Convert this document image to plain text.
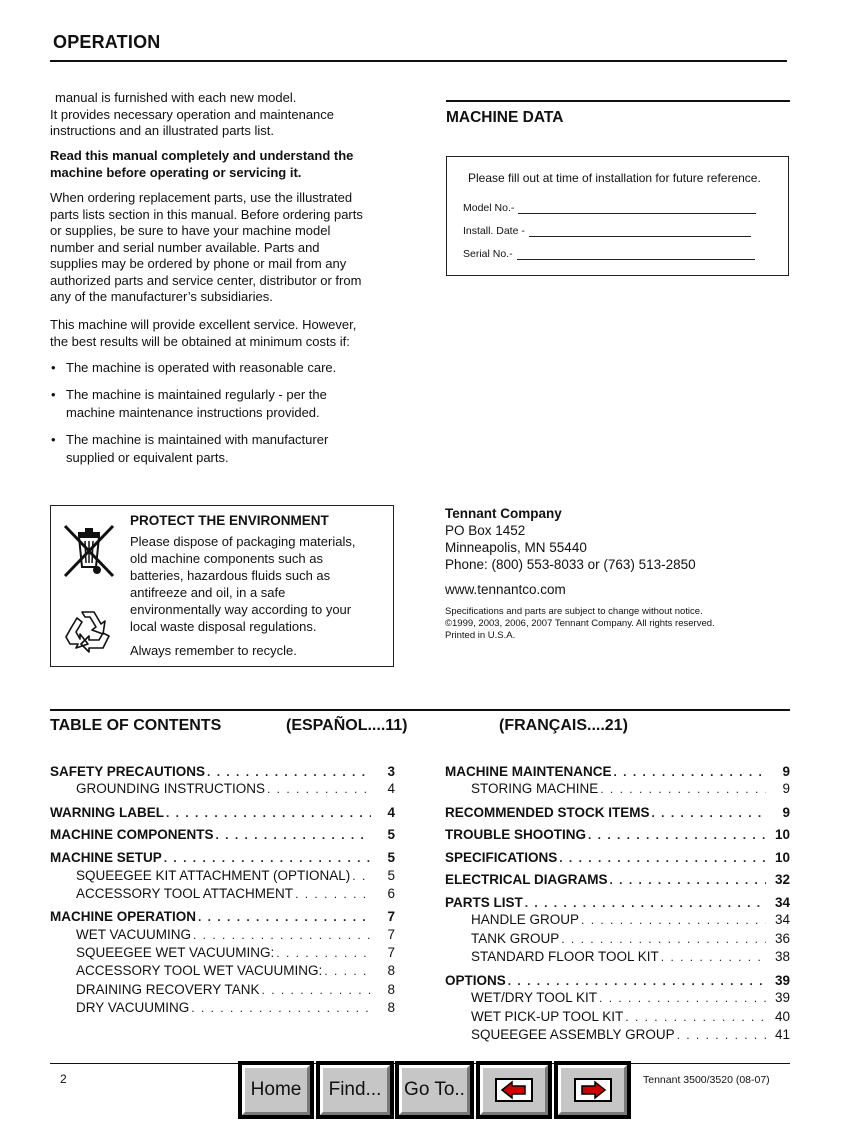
OPERATION
manual is furnished with each new model.
It provides necessary operation and maintenance
instructions and an illustrated parts list.
Read this manual completely and understand the
machine before operating or servicing it.
When ordering replacement parts, use the illustrated
parts lists section in this manual. Before ordering parts
or supplies, be sure to have your machine model
number and serial number available. Parts and
supplies may be ordered by phone or mail from any
authorized parts and service center, distributor or from
any of the manufacturer’s subsidiaries.
This machine will provide excellent service. However,
the best results will be obtained at minimum costs if:
• The machine is operated with reasonable care.
• The machine is maintained regularly - per the
machine maintenance instructions provided.
• The machine is maintained with manufacturer
supplied or equivalent parts.
MACHINE DATA
Please fill out at time of installation for future reference.
Model No.-
Install. Date -
Serial No.-
PROTECT THE ENVIRONMENT
Please dispose of packaging materials,
old machine components such as
batteries, hazardous fluids such as
antifreeze and oil, in a safe
environmentally way according to your
local waste disposal regulations.
Always remember to recycle.
Tennant Company
PO Box 1452
Minneapolis, MN 55440
Phone: (800) 553-8033 or (763) 513-2850
www.tennantco.com
Specifications and parts are subject to change without notice.
©1999, 2003, 2006, 2007 Tennant Company. All rights reserved.
Printed in U.S.A.
TABLE OF CONTENTS	(ESPAÑOL....11)	(FRANÇAIS....21)
SAFETY PRECAUTIONS . . .	3
GROUNDING INSTRUCTIONS . . .	4
WARNING LABEL . . .	4
MACHINE COMPONENTS . . .	5
MACHINE SETUP . . .	5
SQUEEGEE KIT ATTACHMENT (OPTIONAL) . . .	5
ACCESSORY TOOL ATTACHMENT . . .	6
MACHINE OPERATION . . .	7
WET VACUUMING . . .	7
SQUEEGEE WET VACUUMING: . . .	7
ACCESSORY TOOL WET VACUUMING: . . .	8
DRAINING RECOVERY TANK . . .	8
DRY VACUUMING . . .	8
MACHINE MAINTENANCE . . .	9
STORING MACHINE . . .	9
RECOMMENDED STOCK ITEMS . . .	9
TROUBLE SHOOTING . . .	10
SPECIFICATIONS . . .	10
ELECTRICAL DIAGRAMS . . .	32
PARTS LIST . . .	34
HANDLE GROUP . . .	34
TANK GROUP . . .	36
STANDARD FLOOR TOOL KIT . . .	38
OPTIONS . . .	39
WET/DRY TOOL KIT . . .	39
WET PICK-UP TOOL KIT . . .	40
SQUEEGEE ASSEMBLY GROUP . . .	41
2	Tennant 3500/3520 (08-07)
Home	Find...	Go To..
